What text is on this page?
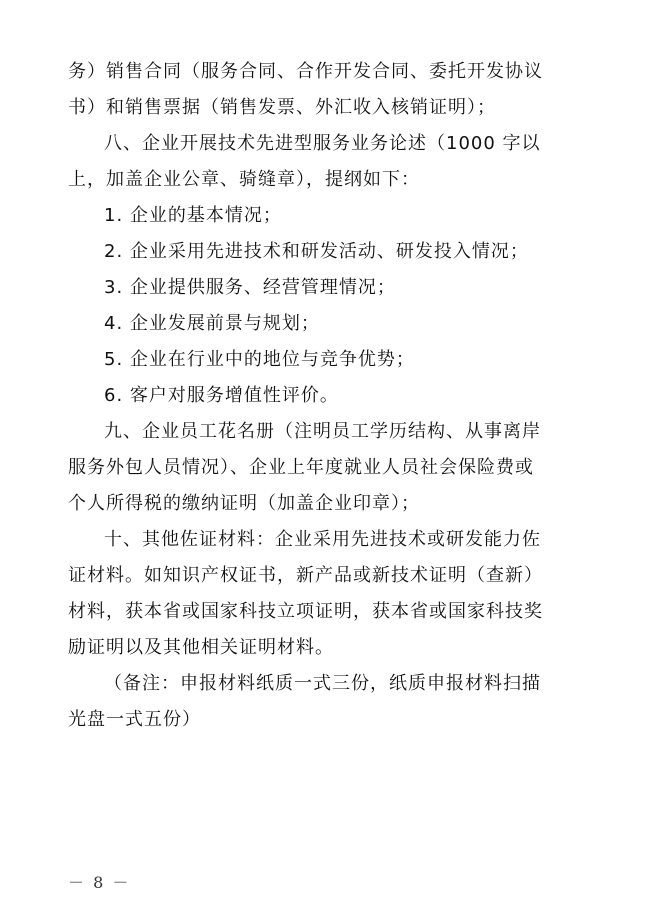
务）销售合同（服务合同、合作开发合同、委托开发协议
书）和销售票据（销售发票、外汇收入核销证明）；
八、企业开展技术先进型服务业务论述（1000 字以
上，加盖企业公章、骑缝章），提纲如下：
1. 企业的基本情况；
2. 企业采用先进技术和研发活动、研发投入情况；
3. 企业提供服务、经营管理情况；
4. 企业发展前景与规划；
5. 企业在行业中的地位与竞争优势；
6. 客户对服务增值性评价。
九、企业员工花名册（注明员工学历结构、从事离岸
服务外包人员情况）、企业上年度就业人员社会保险费或
个人所得税的缴纳证明（加盖企业印章）；
十、其他佐证材料：企业采用先进技术或研发能力佐
证材料。如知识产权证书，新产品或新技术证明（查新）
材料，获本省或国家科技立项证明，获本省或国家科技奖
励证明以及其他相关证明材料。
（备注：申报材料纸质一式三份，纸质申报材料扫描
光盘一式五份）
－ 8 －
